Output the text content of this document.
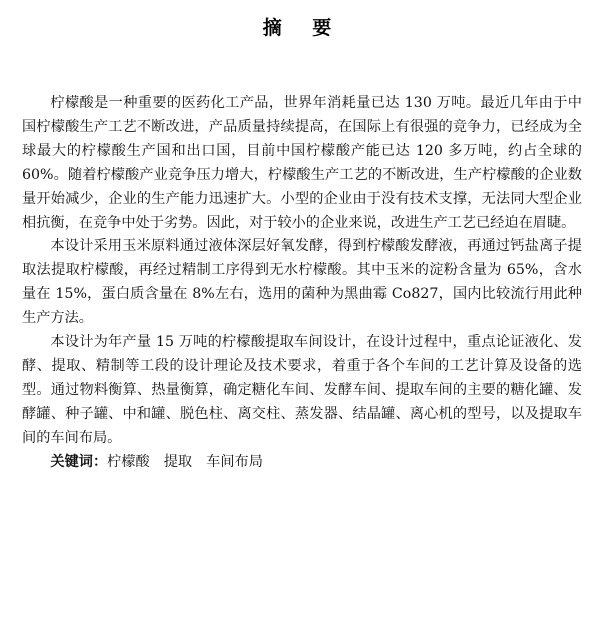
摘 要

柠檬酸是一种重要的医药化工产品，世界年消耗量已达 130 万吨。最近几年由于中国柠檬酸生产工艺不断改进，产品质量持续提高，在国际上有很强的竞争力，已经成为全球最大的柠檬酸生产国和出口国，目前中国柠檬酸产能已达 120 多万吨，约占全球的 60%。随着柠檬酸产业竞争压力增大，柠檬酸生产工艺的不断改进，生产柠檬酸的企业数量开始减少，企业的生产能力迅速扩大。小型的企业由于没有技术支撑，无法同大型企业相抗衡，在竞争中处于劣势。因此，对于较小的企业来说，改进生产工艺已经迫在眉睫。

本设计采用玉米原料通过液体深层好氧发酵，得到柠檬酸发酵液，再通过钙盐离子提取法提取柠檬酸，再经过精制工序得到无水柠檬酸。其中玉米的淀粉含量为 65%，含水量在 15%，蛋白质含量在 8%左右，选用的菌种为黑曲霉 Co827，国内比较流行用此种生产方法。

本设计为年产量 15 万吨的柠檬酸提取车间设计，在设计过程中，重点论证液化、发酵、提取、精制等工段的设计理论及技术要求，着重于各个车间的工艺计算及设备的选型。通过物料衡算、热量衡算，确定糖化车间、发酵车间、提取车间的主要的糖化罐、发酵罐、种子罐、中和罐、脱色柱、离交柱、蒸发器、结晶罐、离心机的型号，以及提取车间的车间布局。

关键词：柠檬酸 提取 车间布局
